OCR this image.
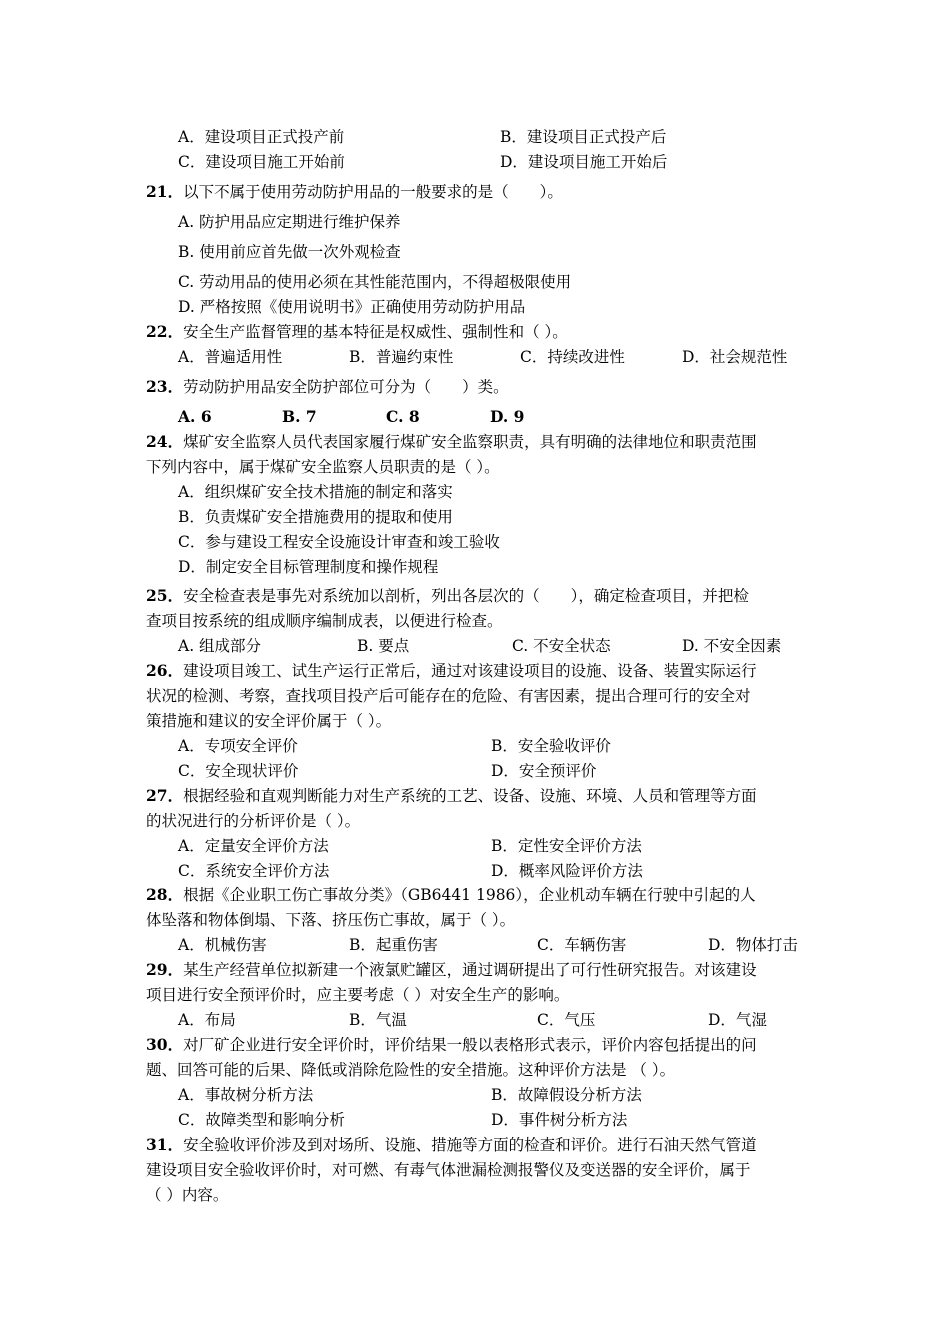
A．建设项目正式投产前	B．建设项目正式投产后
C．建设项目施工开始前	D．建设项目施工开始后
21．以下不属于使用劳动防护用品的一般要求的是（　　）。
A. 防护用品应定期进行维护保养
B. 使用前应首先做一次外观检查
C. 劳动用品的使用必须在其性能范围内，不得超极限使用
D. 严格按照《使用说明书》正确使用劳动防护用品
22．安全生产监督管理的基本特征是权威性、强制性和（ ）。
A．普遍适用性	B．普遍约束性	C．持续改进性	D．社会规范性
23．劳动防护用品安全防护部位可分为（　　）类。
A. 6	B. 7	C. 8	D. 9
24．煤矿安全监察人员代表国家履行煤矿安全监察职责，具有明确的法律地位和职责范围
下列内容中，属于煤矿安全监察人员职责的是（ ）。
A．组织煤矿安全技术措施的制定和落实
B．负责煤矿安全措施费用的提取和使用
C．参与建设工程安全设施设计审查和竣工验收
D．制定安全目标管理制度和操作规程
25．安全检查表是事先对系统加以剖析，列出各层次的（　　），确定检查项目，并把检
查项目按系统的组成顺序编制成表，以便进行检查。
A. 组成部分	B. 要点	C. 不安全状态	D. 不安全因素
26．建设项目竣工、试生产运行正常后，通过对该建设项目的设施、设备、装置实际运行
状况的检测、考察，查找项目投产后可能存在的危险、有害因素，提出合理可行的安全对
策措施和建议的安全评价属于（ ）。
A．专项安全评价	B．安全验收评价
C．安全现状评价	D．安全预评价
27．根据经验和直观判断能力对生产系统的工艺、设备、设施、环境、人员和管理等方面
的状况进行的分析评价是（ ）。
A．定量安全评价方法	B．定性安全评价方法
C．系统安全评价方法	D．概率风险评价方法
28．根据《企业职工伤亡事故分类》（GB6441 1986），企业机动车辆在行驶中引起的人
体坠落和物体倒塌、下落、挤压伤亡事故，属于（ ）。
A．机械伤害	B．起重伤害	C．车辆伤害	D．物体打击
29．某生产经营单位拟新建一个液氯贮罐区，通过调研提出了可行性研究报告。对该建设
项目进行安全预评价时，应主要考虑（ ）对安全生产的影响。
A．布局	B．气温	C．气压	D．气湿
30．对厂矿企业进行安全评价时，评价结果一般以表格形式表示，评价内容包括提出的问
题、回答可能的后果、降低或消除危险性的安全措施。这种评价方法是 （ ）。
A．事故树分析方法	B．故障假设分析方法
C．故障类型和影响分析	D．事件树分析方法
31．安全验收评价涉及到对场所、设施、措施等方面的检查和评价。进行石油天然气管道
建设项目安全验收评价时，对可燃、有毒气体泄漏检测报警仪及变送器的安全评价，属于
（ ）内容。
